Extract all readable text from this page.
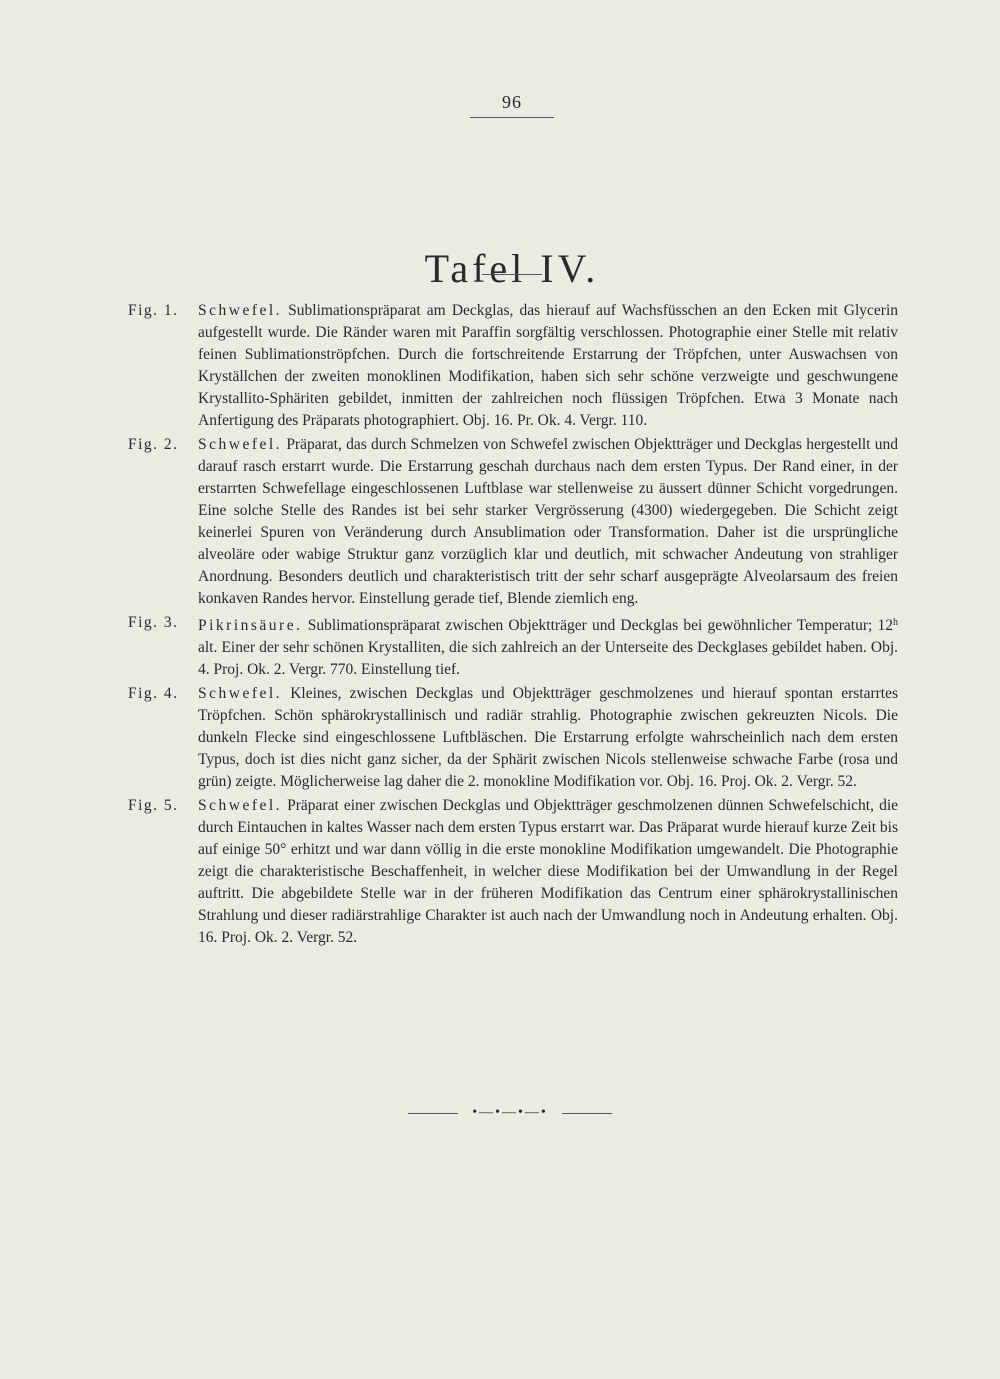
96
Tafel IV.
Fig. 1.	Schwefel. Sublimationspräparat am Deckglas, das hierauf auf Wachsfüsschen an den Ecken mit Glycerin aufgestellt wurde. Die Ränder waren mit Paraffin sorgfältig verschlossen. Photographie einer Stelle mit relativ feinen Sublimationströpfchen. Durch die fortschreitende Erstarrung der Tröpfchen, unter Auswachsen von Kryställchen der zweiten monoklinen Modifikation, haben sich sehr schöne verzweigte und geschwungene Krystallito-Sphäriten gebildet, inmitten der zahlreichen noch flüssigen Tröpfchen. Etwa 3 Monate nach Anfertigung des Präparats photographiert. Obj. 16. Pr. Ok. 4. Vergr. 110.
Fig. 2.	Schwefel. Präparat, das durch Schmelzen von Schwefel zwischen Objektträger und Deckglas hergestellt und darauf rasch erstarrt wurde. Die Erstarrung geschah durchaus nach dem ersten Typus. Der Rand einer, in der erstarrten Schwefellage eingeschlossenen Luftblase war stellenweise zu äussert dünner Schicht vorgedrungen. Eine solche Stelle des Randes ist bei sehr starker Vergrösserung (4300) wiedergegeben. Die Schicht zeigt keinerlei Spuren von Veränderung durch Ansublimation oder Transformation. Daher ist die ursprüngliche alveoläre oder wabige Struktur ganz vorzüglich klar und deutlich, mit schwacher Andeutung von strahliger Anordnung. Besonders deutlich und charakteristisch tritt der sehr scharf ausgeprägte Alveolarsaum des freien konkaven Randes hervor. Einstellung gerade tief, Blende ziemlich eng.
Fig. 3.	Pikrinsäure. Sublimationspräparat zwischen Objektträger und Deckglas bei gewöhnlicher Temperatur; 12$^h$ alt. Einer der sehr schönen Krystalliten, die sich zahlreich an der Unterseite des Deckglases gebildet haben. Obj. 4. Proj. Ok. 2. Vergr. 770. Einstellung tief.
Fig. 4.	Schwefel. Kleines, zwischen Deckglas und Objektträger geschmolzenes und hierauf spontan erstarrtes Tröpfchen. Schön sphärokrystallinisch und radiär strahlig. Photographie zwischen gekreuzten Nicols. Die dunkeln Flecke sind eingeschlossene Luftbläschen. Die Erstarrung erfolgte wahrscheinlich nach dem ersten Typus, doch ist dies nicht ganz sicher, da der Sphärit zwischen Nicols stellenweise schwache Farbe (rosa und grün) zeigte. Möglicherweise lag daher die 2. monokline Modifikation vor. Obj. 16. Proj. Ok. 2. Vergr. 52.
Fig. 5.	Schwefel. Präparat einer zwischen Deckglas und Objektträger geschmolzenen dünnen Schwefelschicht, die durch Eintauchen in kaltes Wasser nach dem ersten Typus erstarrt war. Das Präparat wurde hierauf kurze Zeit bis auf einige 50° erhitzt und war dann völlig in die erste monokline Modifikation umgewandelt. Die Photographie zeigt die charakteristische Beschaffenheit, in welcher diese Modifikation bei der Umwandlung in der Regel auftritt. Die abgebildete Stelle war in der früheren Modifikation das Centrum einer sphärokrystallinischen Strahlung und dieser radiärstrahlige Charakter ist auch nach der Umwandlung noch in Andeutung erhalten. Obj. 16. Proj. Ok. 2. Vergr. 52.
•—•—•—•
